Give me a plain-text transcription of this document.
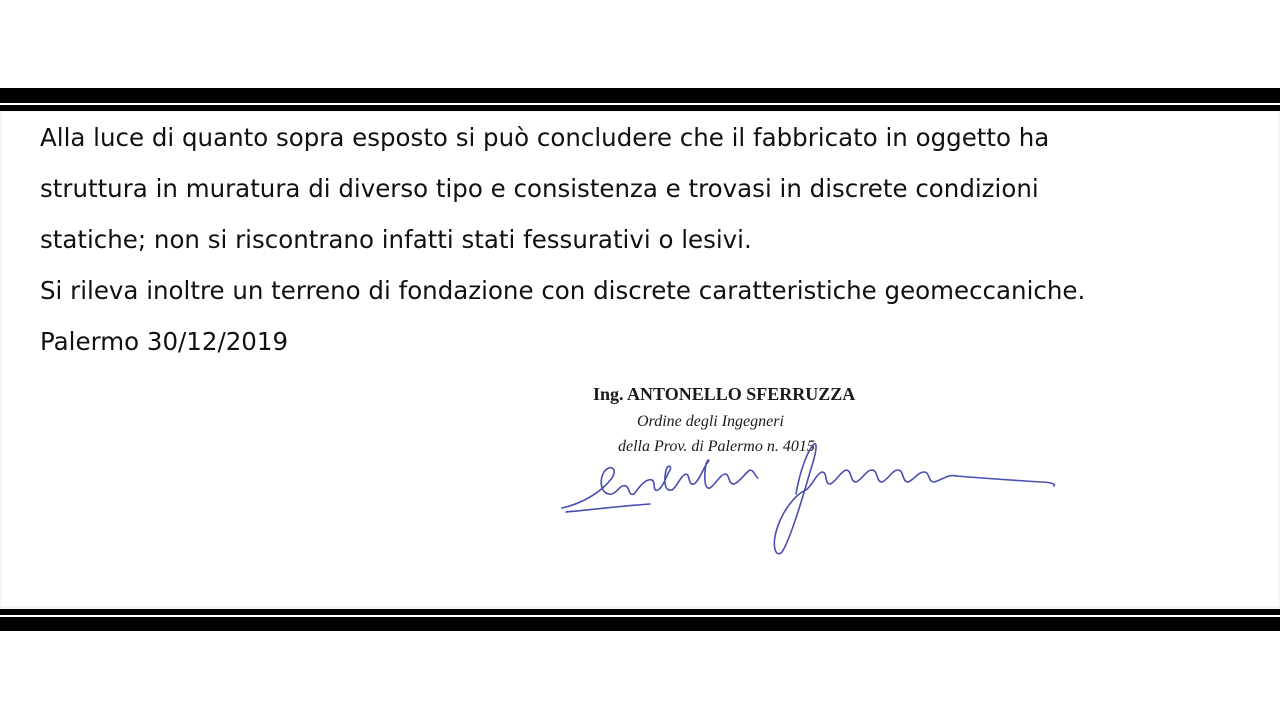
Alla luce di quanto sopra esposto si può concludere che il fabbricato in oggetto ha
struttura in muratura di diverso tipo e consistenza e trovasi in discrete condizioni
statiche; non si riscontrano infatti stati fessurativi o lesivi.
Si rileva inoltre un terreno di fondazione con discrete caratteristiche geomeccaniche.
Palermo 30/12/2019
Ing. ANTONELLO SFERRUZZA
Ordine degli Ingegneri
della Prov. di Palermo n. 4015
